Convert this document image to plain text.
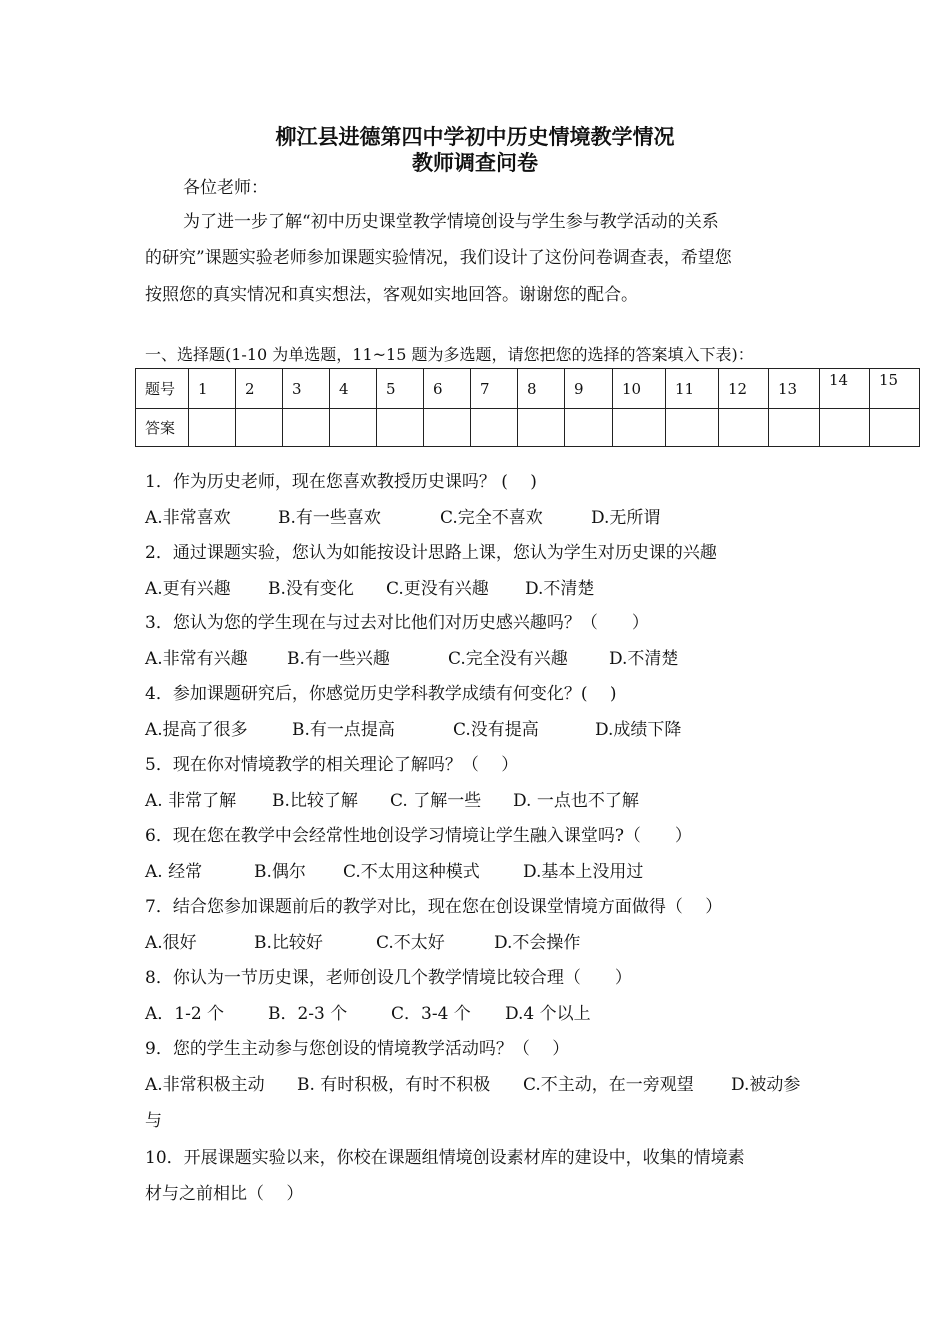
柳江县进德第四中学初中历史情境教学情况
教师调查问卷
各位老师：
为了进一步了解“初中历史课堂教学情境创设与学生参与教学活动的关系
的研究”课题实验老师参加课题实验情况，我们设计了这份问卷调查表，希望您
按照您的真实情况和真实想法，客观如实地回答。谢谢您的配合。
一、选择题(1-10 为单选题，11~15 题为多选题，请您把您的选择的答案填入下表)：
题号	1	2	3	4	5	6	7	8	9	10	11	12	13	14	15
答案															
1．作为历史老师，现在您喜欢教授历史课吗？ (　 )
A.非常喜欢	B.有一些喜欢	C.完全不喜欢	D.无所谓
2．通过课题实验，您认为如能按设计思路上课，您认为学生对历史课的兴趣
A.更有兴趣 B.没有变化 C.更没有兴趣 D.不清楚
3．您认为您的学生现在与过去对比他们对历史感兴趣吗？（　　）
A.非常有兴趣 B.有一些兴趣	C.完全没有兴趣 D.不清楚
4．参加课题研究后，你感觉历史学科教学成绩有何变化？(　 )
A.提高了很多	B.有一点提高	C.没有提高	D.成绩下降
5．现在你对情境教学的相关理论了解吗？（　 ）
A. 非常了解 B.比较了解 C. 了解一些 D. 一点也不了解
6．现在您在教学中会经常性地创设学习情境让学生融入课堂吗?（　　）
A. 经常	B.偶尔 C.不太用这种模式	D.基本上没用过
7．结合您参加课题前后的教学对比，现在您在创设课堂情境方面做得（　 ）
A.很好	B.比较好	C.不太好	D.不会操作
8．你认为一节历史课，老师创设几个教学情境比较合理（　　）
A．1-2 个	B．2-3 个	C．3-4 个 D.4 个以上
9．您的学生主动参与您创设的情境教学活动吗？（　 ）
A.非常积极主动 B. 有时积极，有时不积极 C.不主动，在一旁观望 D.被动参
与
10．开展课题实验以来，你校在课题组情境创设素材库的建设中，收集的情境素
材与之前相比（　 ）
